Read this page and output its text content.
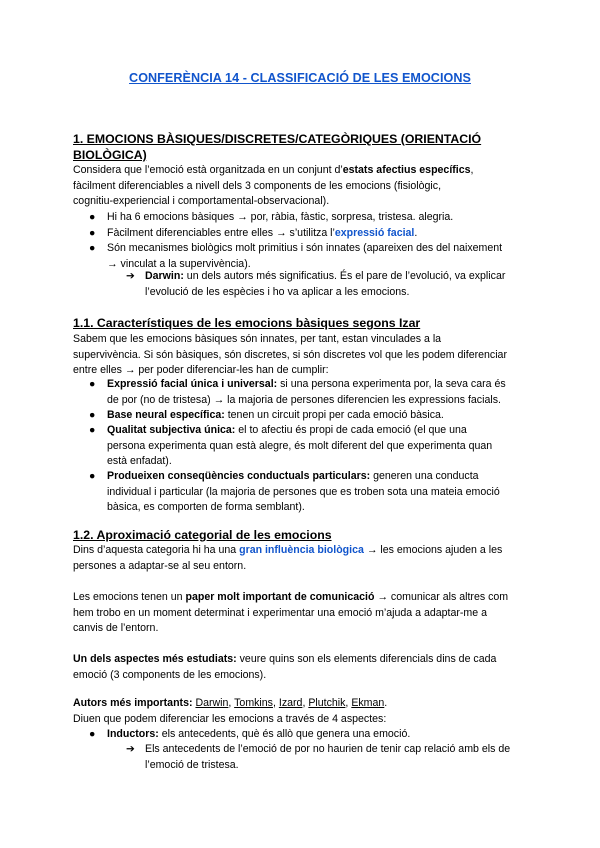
CONFERÈNCIA 14 - CLASSIFICACIÓ DE LES EMOCIONS
1. EMOCIONS BÀSIQUES/DISCRETES/CATEGÒRIQUES (ORIENTACIÓ
BIOLÒGICA)

Considera que l’emoció està organitzada en un conjunt d’estats afectius específics,
fàcilment diferenciables a nivell dels 3 components de les emocions (fisiològic,
cognitiu-experiencial i comportamental-observacional).

●	Hi ha 6 emocions bàsiques → por, ràbia, fàstic, sorpresa, tristesa. alegria.

●	Fàcilment diferenciables entre elles → s’utilitza l’expressió facial.

●	Són mecanismes biològics molt primitius i són innates (apareixen des del naixement
→ vinculat a la supervivència).

➔ Darwin: un dels autors més significatius. És el pare de l’evolució, va explicar
l’evolució de les espècies i ho va aplicar a les emocions.

1.1. Característiques de les emocions bàsiques segons Izar

Sabem que les emocions bàsiques són innates, per tant, estan vinculades a la
supervivència. Si són bàsiques, són discretes, si són discretes vol que les podem diferenciar
entre elles → per poder diferenciar-les han de cumplir:

●	Expressió facial única i universal: si una persona experimenta por, la seva cara és
de por (no de tristesa) → la majoria de persones diferencien les expressions facials.

●	Base neural específica: tenen un circuit propi per cada emoció bàsica.

●	Qualitat subjectiva única: el to afectiu és propi de cada emoció (el que una
persona experimenta quan està alegre, és molt diferent del que experimenta quan
està enfadat).

●	Produeixen conseqüències conductuals particulars: generen una conducta
individual i particular (la majoria de persones que es troben sota una mateia emoció
bàsica, es comporten de forma semblant).

1.2. Aproximació categorial de les emocions

Dins d’aquesta categoria hi ha una gran influència biològica → les emocions ajuden a les
persones a adaptar-se al seu entorn.

Les emocions tenen un paper molt important de comunicació → comunicar als altres com
hem trobo en un moment determinat i experimentar una emoció m’ajuda a adaptar-me a
canvis de l’entorn.

Un dels aspectes més estudiats: veure quins son els elements diferencials dins de cada
emoció (3 components de les emocions).

Autors més importants: Darwin, Tomkins, Izard, Plutchik, Ekman.
Diuen que podem diferenciar les emocions a través de 4 aspectes:

●	Inductors: els antecedents, què és allò que genera una emoció.

➔ Els antecedents de l’emoció de por no haurien de tenir cap relació amb els de
l’emoció de tristesa.
